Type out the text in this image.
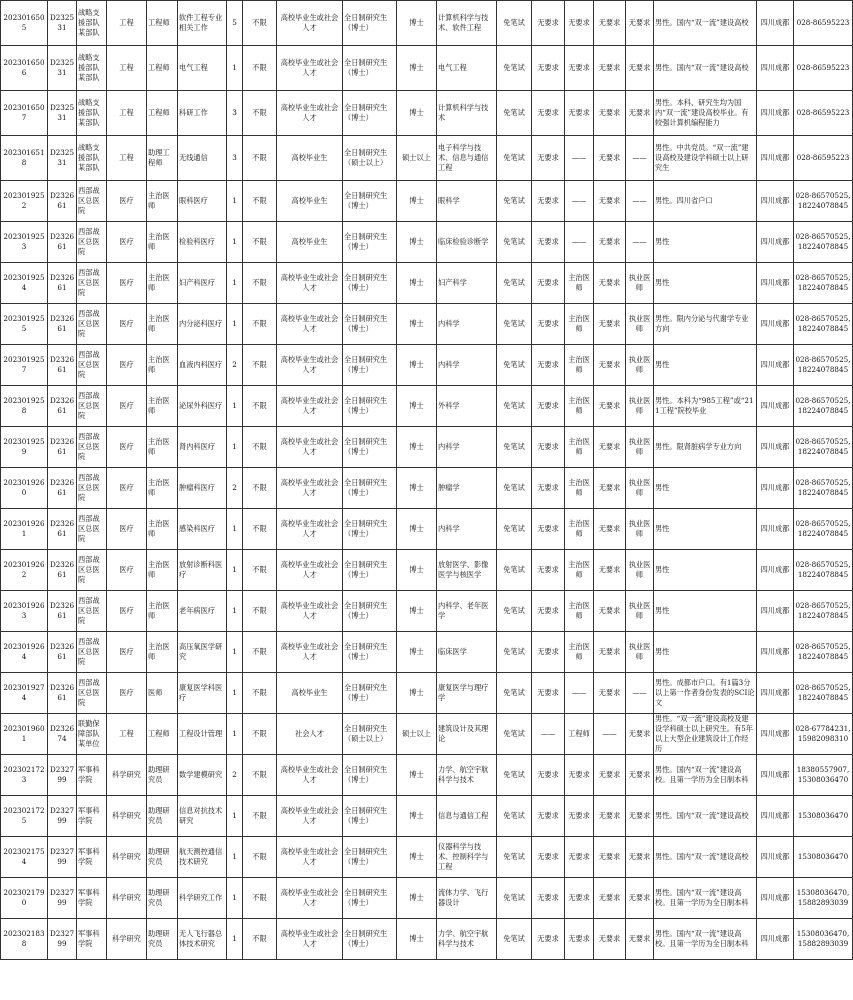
2023016505	D232531	战略支援部队某部队	工程	工程师	软件工程专业相关工作	5	不限	高校毕业生或社会人才	全日制研究生（博士）	博士	计算机科学与技术、软件工程	免笔试	无要求	无要求	无要求	无要求	男性。国内“双一流”建设高校	四川成都	028-86595223
2023016506	D232531	战略支援部队某部队	工程	工程师	电气工程	1	不限	高校毕业生或社会人才	全日制研究生（博士）	博士	电气工程	免笔试	无要求	无要求	无要求	无要求	男性。国内“双一流”建设高校	四川成都	028-86595223
2023016507	D232531	战略支援部队某部队	工程	工程师	科研工作	3	不限	高校毕业生或社会人才	全日制研究生（博士）	博士	计算机科学与技术	免笔试	无要求	无要求	无要求	无要求	男性。本科、研究生均为国内“双一流”建设高校毕业。有较强计算机编程能力	四川成都	028-86595223
2023016518	D232531	战略支援部队某部队	工程	助理工程师	无线通信	3	不限	高校毕业生	全日制研究生（硕士以上）	硕士以上	电子科学与技术、信息与通信工程	免笔试	无要求	——	无要求	——	男性。中共党员。“双一流”建设高校及建设学科硕士以上研究生	四川成都	028-86595223
2023019252	D232661	西部战区总医院	医疗	主治医师	眼科医疗	1	不限	高校毕业生	全日制研究生（博士）	博士	眼科学	免笔试	无要求	——	无要求	——	男性。四川省户口	四川成都	028-86570525,18224078845
2023019253	D232661	西部战区总医院	医疗	主治医师	检验科医疗	1	不限	高校毕业生	全日制研究生（博士）	博士	临床检验诊断学	免笔试	无要求	——	无要求	——	男性	四川成都	028-86570525,18224078845
2023019254	D232661	西部战区总医院	医疗	主治医师	妇产科医疗	1	不限	高校毕业生或社会人才	全日制研究生（博士）	博士	妇产科学	免笔试	无要求	主治医师	无要求	执业医师	男性	四川成都	028-86570525,18224078845
2023019255	D232661	西部战区总医院	医疗	主治医师	内分泌科医疗	1	不限	高校毕业生或社会人才	全日制研究生（博士）	博士	内科学	免笔试	无要求	主治医师	无要求	执业医师	男性。限内分泌与代谢学专业方向	四川成都	028-86570525,18224078845
2023019257	D232661	西部战区总医院	医疗	主治医师	血液内科医疗	2	不限	高校毕业生或社会人才	全日制研究生（博士）	博士	内科学	免笔试	无要求	主治医师	无要求	执业医师	男性	四川成都	028-86570525,18224078845
2023019258	D232661	西部战区总医院	医疗	主治医师	泌尿外科医疗	1	不限	高校毕业生或社会人才	全日制研究生（博士）	博士	外科学	免笔试	无要求	主治医师	无要求	执业医师	男性。本科为“985工程”或“211工程”院校毕业	四川成都	028-86570525,18224078845
2023019259	D232661	西部战区总医院	医疗	主治医师	肾内科医疗	1	不限	高校毕业生或社会人才	全日制研究生（博士）	博士	内科学	免笔试	无要求	主治医师	无要求	执业医师	男性。限肾脏病学专业方向	四川成都	028-86570525,18224078845
2023019260	D232661	西部战区总医院	医疗	主治医师	肿瘤科医疗	2	不限	高校毕业生或社会人才	全日制研究生（博士）	博士	肿瘤学	免笔试	无要求	主治医师	无要求	执业医师	男性	四川成都	028-86570525,18224078845
2023019261	D232661	西部战区总医院	医疗	主治医师	感染科医疗	1	不限	高校毕业生或社会人才	全日制研究生（博士）	博士	内科学	免笔试	无要求	主治医师	无要求	执业医师	男性	四川成都	028-86570525,18224078845
2023019262	D232661	西部战区总医院	医疗	主治医师	放射诊断科医疗	1	不限	高校毕业生或社会人才	全日制研究生（博士）	博士	放射医学、影像医学与核医学	免笔试	无要求	主治医师	无要求	执业医师	男性	四川成都	028-86570525,18224078845
2023019263	D232661	西部战区总医院	医疗	主治医师	老年病医疗	1	不限	高校毕业生或社会人才	全日制研究生（博士）	博士	内科学、老年医学	免笔试	无要求	主治医师	无要求	执业医师	男性	四川成都	028-86570525,18224078845
2023019264	D232661	西部战区总医院	医疗	主治医师	高压氧医学研究	1	不限	高校毕业生或社会人才	全日制研究生（博士）	博士	临床医学	免笔试	无要求	主治医师	无要求	执业医师	男性	四川成都	028-86570525,18224078845
2023019274	D232661	西部战区总医院	医疗	医师	康复医学科医疗	1	不限	高校毕业生	全日制研究生（博士）	博士	康复医学与理疗学	免笔试	无要求	——	无要求	——	男性。成都市户口。有1篇3分以上第一作者身份发表的SCI论文	四川成都	028-86570525,18224078845
2023019601	D232674	联勤保障部队某单位	工程	工程师	工程设计管理	1	不限	社会人才	全日制研究生（硕士以上）	硕士以上	建筑设计及其理论	免笔试	——	工程师	——	无要求	男性。“双一流”建设高校及建设学科硕士以上研究生。有5年以上大型企业建筑设计工作经历	四川成都	028-67784231,15982098310
2023021723	D232799	军事科学院	科学研究	助理研究员	数学建模研究	2	不限	高校毕业生或社会人才	全日制研究生（博士）	博士	力学、航空宇航科学与技术	免笔试	无要求	无要求	无要求	无要求	男性。国内“双一流”建设高校。且第一学历为全日制本科	四川成都	18380557907,15308036470
2023021725	D232799	军事科学院	科学研究	助理研究员	信息对抗技术研究	1	不限	高校毕业生或社会人才	全日制研究生（博士）	博士	信息与通信工程	免笔试	无要求	无要求	无要求	无要求	男性。国内“双一流”建设高校	四川成都	15308036470
2023021754	D232799	军事科学院	科学研究	助理研究员	航天测控通信技术研究	1	不限	高校毕业生或社会人才	全日制研究生（博士）	博士	仪器科学与技术、控制科学与工程	免笔试	无要求	无要求	无要求	无要求	男性。国内“双一流”建设高校	四川成都	15308036470
2023021790	D232799	军事科学院	科学研究	助理研究员	科学研究工作	1	不限	高校毕业生或社会人才	全日制研究生（博士）	博士	流体力学、飞行器设计	免笔试	无要求	无要求	无要求	无要求	男性。国内“双一流”建设高校。且第一学历为全日制本科	四川成都	15308036470,15882893039
2023021838	D232799	军事科学院	科学研究	助理研究员	无人飞行器总体技术研究	1	不限	高校毕业生或社会人才	全日制研究生（博士）	博士	力学、航空宇航科学与技术	免笔试	无要求	无要求	无要求	无要求	男性。国内“双一流”建设高校。且第一学历为全日制本科	四川成都	15308036470,15882893039
